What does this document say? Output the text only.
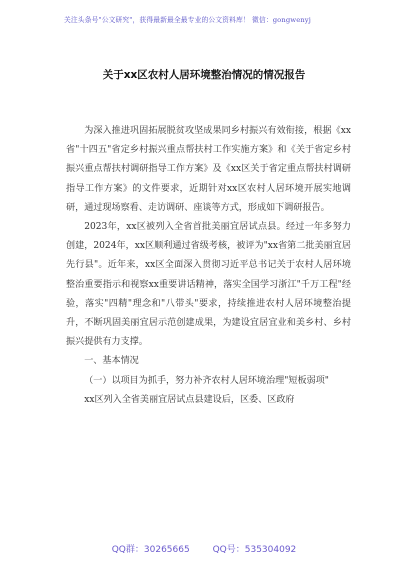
关注头条号"公文研究"，获得最新最全最专业的公文资料库！ 微信：gongwenyj
关于xx区农村人居环境整治情况的情况报告

为深入推进巩固拓展脱贫攻坚成果同乡村振兴有效衔接，根据《xx省"十四五"省定乡村振兴重点帮扶村工作实施方案》和《关于省定乡村振兴重点帮扶村调研指导工作方案》及《xx区关于省定重点帮扶村调研指导工作方案》的文件要求，近期针对xx区农村人居环境开展实地调研，通过现场察看、走访调研、座谈等方式，形成如下调研报告。

2023年，xx区被列入全省首批美丽宜居试点县。经过一年多努力创建，2024年，xx区顺利通过省级考核，被评为"xx省第二批美丽宜居先行县"。近年来，xx区全面深入贯彻习近平总书记关于农村人居环境整治重要指示和视察xx重要讲话精神，落实全国学习浙江"千万工程"经验，落实"四精"理念和"八带头"要求，持续推进农村人居环境整治提升，不断巩固美丽宜居示范创建成果，为建设宜居宜业和美乡村、乡村振兴提供有力支撑。

一、基本情况

（一）以项目为抓手，努力补齐农村人居环境治理"短板弱项"

xx区列入全省美丽宜居试点县建设后，区委、区政府

QQ群：30265665	QQ号：535304092
